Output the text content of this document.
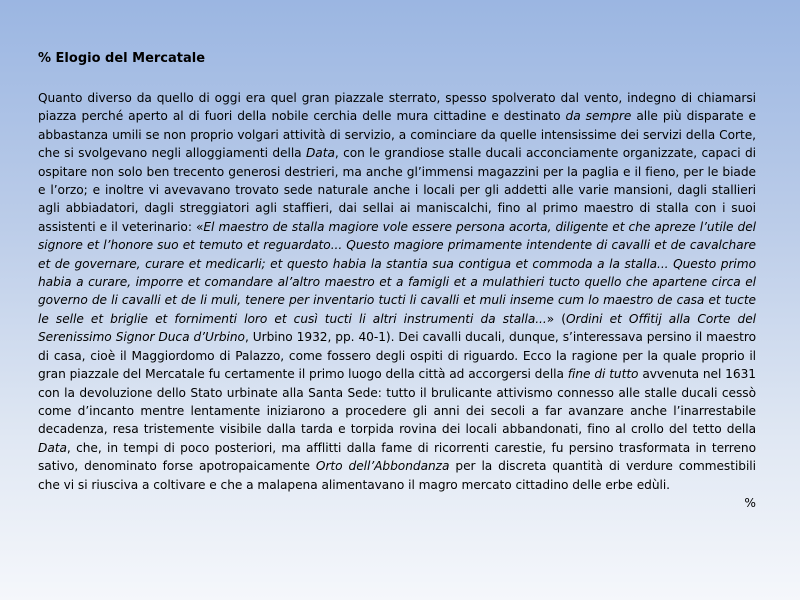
% Elogio del Mercatale

Quanto diverso da quello di oggi era quel gran piazzale sterrato, spesso spolverato dal vento, indegno di chiamarsi piazza perché aperto al di fuori della nobile cerchia delle mura cittadine e destinato da sempre alle più disparate e abbastanza umili se non proprio volgari attività di servizio, a cominciare da quelle intensissime dei servizi della Corte, che si svolgevano negli alloggiamenti della Data, con le grandiose stalle ducali acconciamente organizzate, capaci di ospitare non solo ben trecento generosi destrieri, ma anche gl’immensi magazzini per la paglia e il fieno, per le biade e l’orzo; e inoltre vi avevavano trovato sede naturale anche i locali per gli addetti alle varie mansioni, dagli stallieri agli abbiadatori, dagli streggiatori agli staffieri, dai sellai ai maniscalchi, fino al primo maestro di stalla con i suoi assistenti e il veterinario: «El maestro de stalla magiore vole essere persona acorta, diligente et che apreze l’utile del signore et l’honore suo et temuto et reguardato... Questo magiore primamente intendente di cavalli et de cavalchare et de governare, curare et medicarli; et questo habia la stantia sua contigua et commoda a la stalla... Questo primo habia a curare, imporre et comandare al’altro maestro et a famigli et a mulathieri tucto quello che apartene circa el governo de li cavalli et de li muli, tenere per inventario tucti li cavalli et muli inseme cum lo maestro de casa et tucte le selle et briglie et fornimenti loro et cusì tucti li altri instrumenti da stalla...» (Ordini et Offitij alla Corte del Serenissimo Signor Duca d’Urbino, Urbino 1932, pp. 40-1). Dei cavalli ducali, dunque, s’interessava persino il maestro di casa, cioè il Maggiordomo di Palazzo, come fossero degli ospiti di riguardo. Ecco la ragione per la quale proprio il gran piazzale del Mercatale fu certamente il primo luogo della città ad accorgersi della fine di tutto avvenuta nel 1631 con la devoluzione dello Stato urbinate alla Santa Sede: tutto il brulicante attivismo connesso alle stalle ducali cessò come d’incanto mentre lentamente iniziarono a procedere gli anni dei secoli a far avanzare anche l’inarrestabile decadenza, resa tristemente visibile dalla tarda e torpida rovina dei locali abbandonati, fino al crollo del tetto della Data, che, in tempi di poco posteriori, ma afflitti dalla fame di ricorrenti carestie, fu persino trasformata in terreno sativo, denominato forse apotropaicamente Orto dell’Abbondanza per la discreta quantità di verdure commestibili che vi si riusciva a coltivare e che a malapena alimentavano il magro mercato cittadino delle erbe edùli.

%
